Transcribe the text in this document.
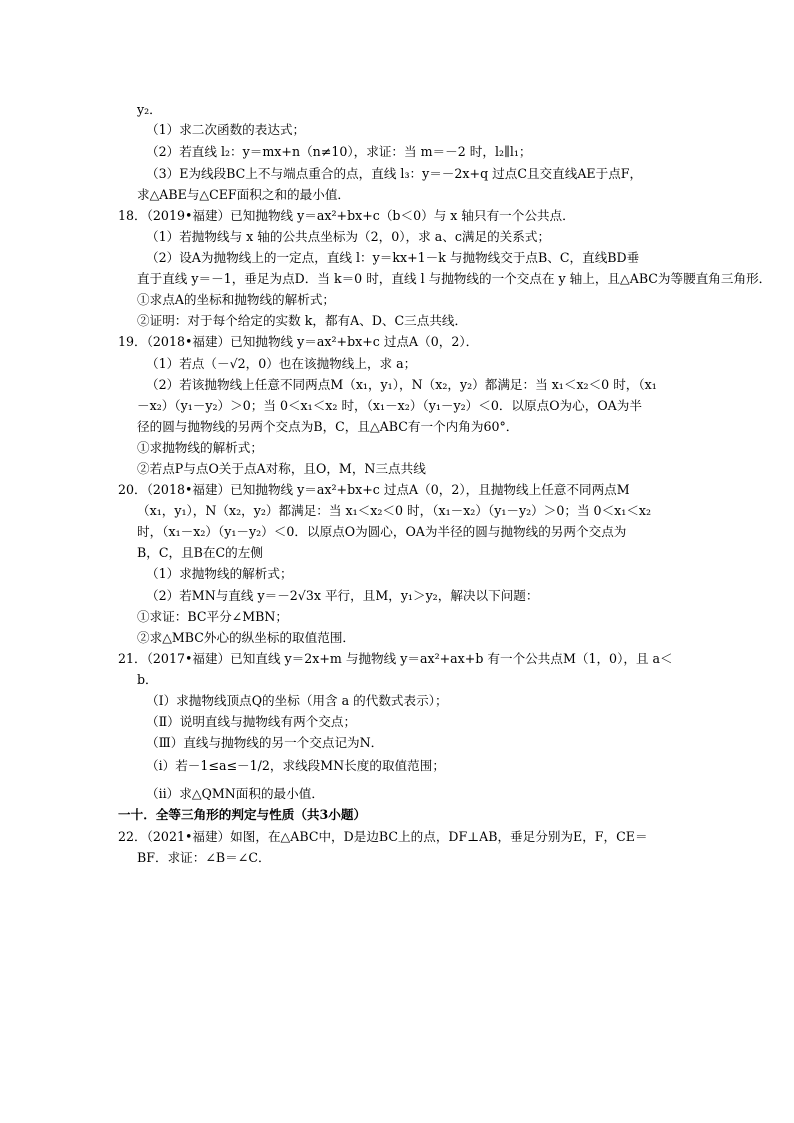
y₂．
（1）求二次函数的表达式；
（2）若直线 l₂：y＝mx+n（n≠10），求证：当 m＝－2 时，l₂∥l₁；
（3）E为线段BC上不与端点重合的点，直线 l₃：y＝－2x+q 过点C且交直线AE于点F，
求△ABE与△CEF面积之和的最小值．
18．（2019•福建）已知抛物线 y＝ax²+bx+c（b＜0）与 x 轴只有一个公共点．
（1）若抛物线与 x 轴的公共点坐标为（2，0），求 a、c满足的关系式；
（2）设A为抛物线上的一定点，直线 l：y＝kx+1－k 与抛物线交于点B、C，直线BD垂
直于直线 y＝－1，垂足为点D．当 k＝0 时，直线 l 与抛物线的一个交点在 y 轴上，且△ABC为等腰直角三角形．
①求点A的坐标和抛物线的解析式；
②证明：对于每个给定的实数 k，都有A、D、C三点共线．
19．（2018•福建）已知抛物线 y＝ax²+bx+c 过点A（0，2）．
（1）若点（－√2，0）也在该抛物线上，求 a；
（2）若该抛物线上任意不同两点M（x₁，y₁），N（x₂，y₂）都满足：当 x₁＜x₂＜0 时，（x₁
－x₂）（y₁－y₂）＞0；当 0＜x₁＜x₂ 时，（x₁－x₂）（y₁－y₂）＜0．以原点O为心，OA为半
径的圆与抛物线的另两个交点为B，C，且△ABC有一个内角为60°．
①求抛物线的解析式；
②若点P与点O关于点A对称，且O，M，N三点共线
20．（2018•福建）已知抛物线 y＝ax²+bx+c 过点A（0，2），且抛物线上任意不同两点M
（x₁，y₁），N（x₂，y₂）都满足：当 x₁＜x₂＜0 时，（x₁－x₂）（y₁－y₂）＞0；当 0＜x₁＜x₂
时，（x₁－x₂）（y₁－y₂）＜0．以原点O为圆心，OA为半径的圆与抛物线的另两个交点为
B，C，且B在C的左侧
（1）求抛物线的解析式；
（2）若MN与直线 y＝－2√3x 平行，且M，y₁＞y₂，解决以下问题：
①求证：BC平分∠MBN；
②求△MBC外心的纵坐标的取值范围．
21．（2017•福建）已知直线 y＝2x+m 与抛物线 y＝ax²+ax+b 有一个公共点M（1，0），且 a＜
b．
（Ⅰ）求抛物线顶点Q的坐标（用含 a 的代数式表示）；
（Ⅱ）说明直线与抛物线有两个交点；
（Ⅲ）直线与抛物线的另一个交点记为N．
（ⅰ）若－1≤a≤－1/2，求线段MN长度的取值范围；
（ⅱ）求△QMN面积的最小值．
一十．全等三角形的判定与性质（共3小题）
22．（2021•福建）如图，在△ABC中，D是边BC上的点，DF⊥AB，垂足分别为E，F，CE＝
BF．求证：∠B＝∠C．
